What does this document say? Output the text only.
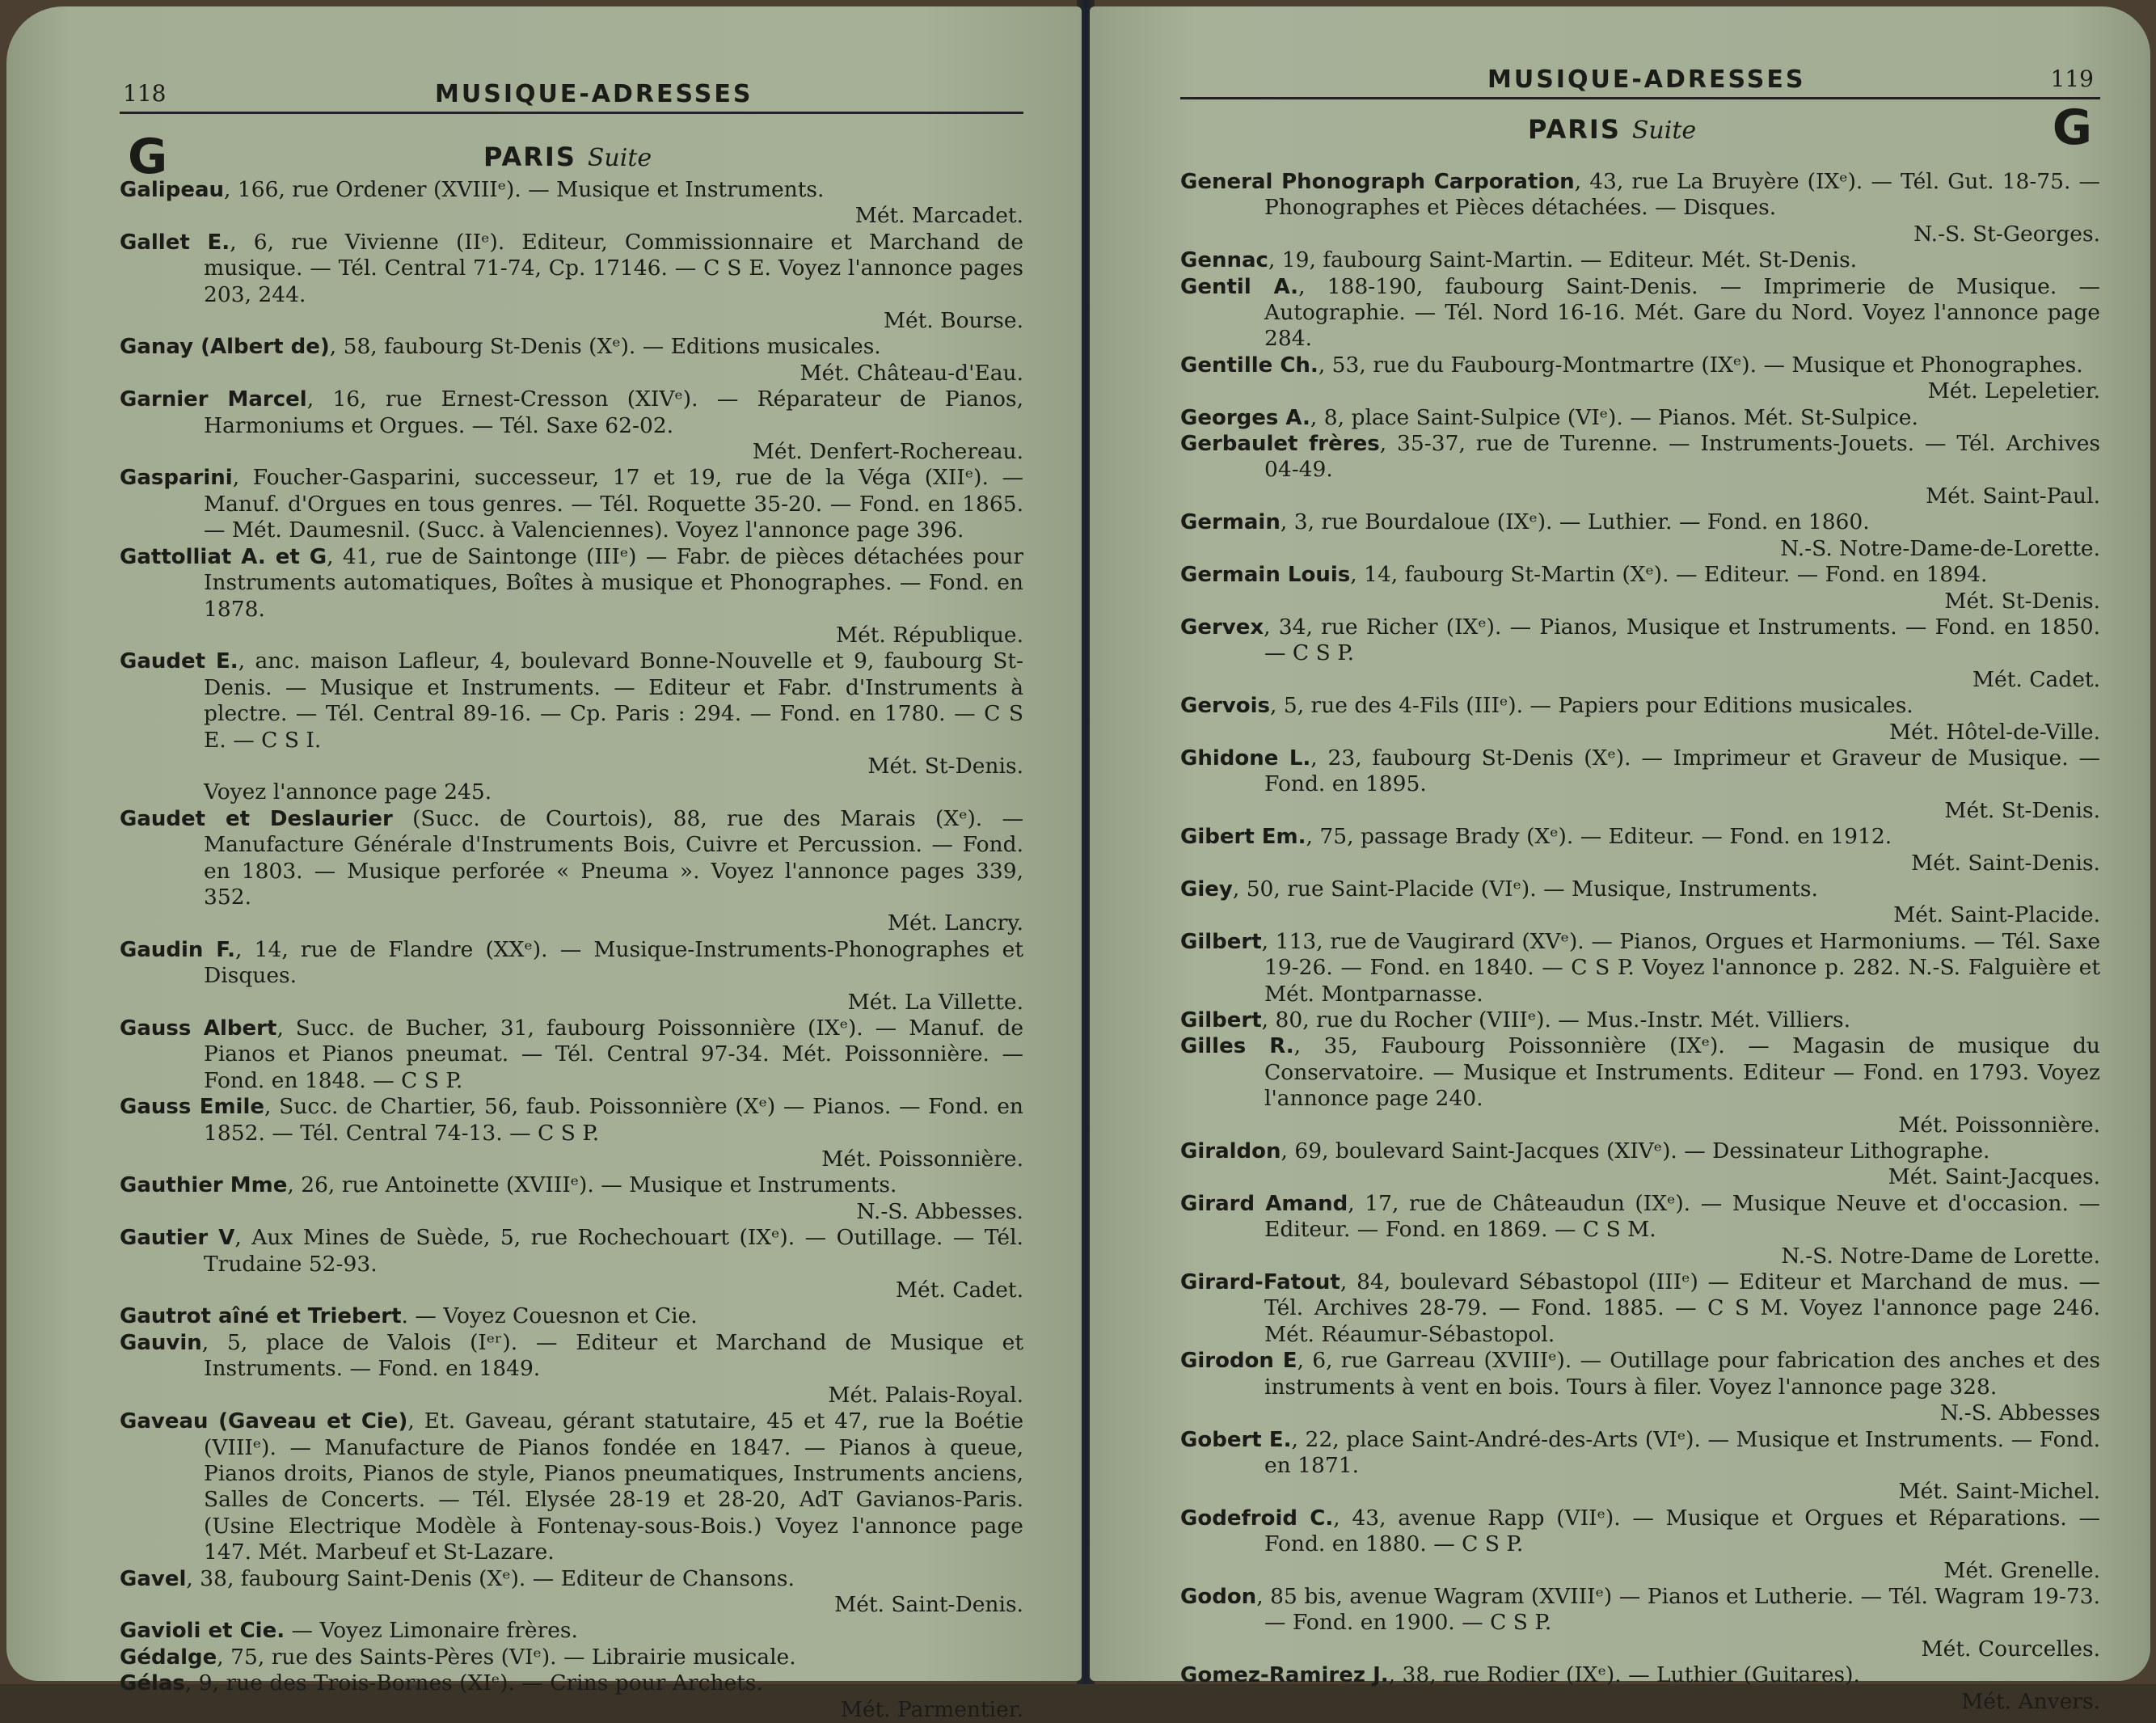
118	MUSIQUE-ADRESSES
G	PARIS Suite
Galipeau, 166, rue Ordener (XVIIIᵉ). — Musique et Instruments.
Mét. Marcadet.
Gallet E., 6, rue Vivienne (IIᵉ). Editeur, Commissionnaire et Marchand de musique. — Tél. Central 71-74, Cp. 17146. — C S E. Voyez l'annonce pages 203, 244.
Mét. Bourse.
Ganay (Albert de), 58, faubourg St-Denis (Xᵉ). — Editions musicales.
Mét. Château-d'Eau.
Garnier Marcel, 16, rue Ernest-Cresson (XIVᵉ). — Réparateur de Pianos, Harmoniums et Orgues. — Tél. Saxe 62-02.
Mét. Denfert-Rochereau.
Gasparini, Foucher-Gasparini, successeur, 17 et 19, rue de la Véga (XIIᵉ). — Manuf. d'Orgues en tous genres. — Tél. Roquette 35-20. — Fond. en 1865. — Mét. Daumesnil. (Succ. à Valenciennes). Voyez l'annonce page 396.
Gattolliat A. et G, 41, rue de Saintonge (IIIᵉ) — Fabr. de pièces détachées pour Instruments automatiques, Boîtes à musique et Phonographes. — Fond. en 1878.
Mét. République.
Gaudet E., anc. maison Lafleur, 4, boulevard Bonne-Nouvelle et 9, faubourg St-Denis. — Musique et Instruments. — Editeur et Fabr. d'Instruments à plectre. — Tél. Central 89-16. — Cp. Paris : 294. — Fond. en 1780. — C S E. — C S I.
Mét. St-Denis.
Voyez l'annonce page 245.
Gaudet et Deslaurier (Succ. de Courtois), 88, rue des Marais (Xᵉ). — Manufacture Générale d'Instruments Bois, Cuivre et Percussion. — Fond. en 1803. — Musique perforée « Pneuma ». Voyez l'annonce pages 339, 352.
Mét. Lancry.
Gaudin F., 14, rue de Flandre (XXᵉ). — Musique-Instruments-Phonographes et Disques.
Mét. La Villette.
Gauss Albert, Succ. de Bucher, 31, faubourg Poissonnière (IXᵉ). — Manuf. de Pianos et Pianos pneumat. — Tél. Central 97-34. Mét. Poissonnière. — Fond. en 1848. — C S P.
Gauss Emile, Succ. de Chartier, 56, faub. Poissonnière (Xᵉ) — Pianos. — Fond. en 1852. — Tél. Central 74-13. — C S P.
Mét. Poissonnière.
Gauthier Mme, 26, rue Antoinette (XVIIIᵉ). — Musique et Instruments.
N.-S. Abbesses.
Gautier V, Aux Mines de Suède, 5, rue Rochechouart (IXᵉ). — Outillage. — Tél. Trudaine 52-93.
Mét. Cadet.
Gautrot aîné et Triebert. — Voyez Couesnon et Cie.
Gauvin, 5, place de Valois (Iᵉʳ). — Editeur et Marchand de Musique et Instruments. — Fond. en 1849.
Mét. Palais-Royal.
Gaveau (Gaveau et Cie), Et. Gaveau, gérant statutaire, 45 et 47, rue la Boétie (VIIIᵉ). — Manufacture de Pianos fondée en 1847. — Pianos à queue, Pianos droits, Pianos de style, Pianos pneumatiques, Instruments anciens, Salles de Concerts. — Tél. Elysée 28-19 et 28-20, AdT Gavianos-Paris. (Usine Electrique Modèle à Fontenay-sous-Bois.) Voyez l'annonce page 147. Mét. Marbeuf et St-Lazare.
Gavel, 38, faubourg Saint-Denis (Xᵉ). — Editeur de Chansons.
Mét. Saint-Denis.
Gavioli et Cie. — Voyez Limonaire frères.
Gédalge, 75, rue des Saints-Pères (VIᵉ). — Librairie musicale.
Gélas, 9, rue des Trois-Bornes (XIᵉ). — Crins pour Archets.
Mét. Parmentier.
MUSIQUE-ADRESSES	119
PARIS Suite	G
General Phonograph Carporation, 43, rue La Bruyère (IXᵉ). — Tél. Gut. 18-75. — Phonographes et Pièces détachées. — Disques.
N.-S. St-Georges.
Gennac, 19, faubourg Saint-Martin. — Editeur. Mét. St-Denis.
Gentil A., 188-190, faubourg Saint-Denis. — Imprimerie de Musique. — Autographie. — Tél. Nord 16-16. Mét. Gare du Nord. Voyez l'annonce page 284.
Gentille Ch., 53, rue du Faubourg-Montmartre (IXᵉ). — Musique et Phonographes.
Mét. Lepeletier.
Georges A., 8, place Saint-Sulpice (VIᵉ). — Pianos. Mét. St-Sulpice.
Gerbaulet frères, 35-37, rue de Turenne. — Instruments-Jouets. — Tél. Archives 04-49.
Mét. Saint-Paul.
Germain, 3, rue Bourdaloue (IXᵉ). — Luthier. — Fond. en 1860.
N.-S. Notre-Dame-de-Lorette.
Germain Louis, 14, faubourg St-Martin (Xᵉ). — Editeur. — Fond. en 1894.
Mét. St-Denis.
Gervex, 34, rue Richer (IXᵉ). — Pianos, Musique et Instruments. — Fond. en 1850. — C S P.
Mét. Cadet.
Gervois, 5, rue des 4-Fils (IIIᵉ). — Papiers pour Editions musicales.
Mét. Hôtel-de-Ville.
Ghidone L., 23, faubourg St-Denis (Xᵉ). — Imprimeur et Graveur de Musique. — Fond. en 1895.
Mét. St-Denis.
Gibert Em., 75, passage Brady (Xᵉ). — Editeur. — Fond. en 1912.
Mét. Saint-Denis.
Giey, 50, rue Saint-Placide (VIᵉ). — Musique, Instruments.
Mét. Saint-Placide.
Gilbert, 113, rue de Vaugirard (XVᵉ). — Pianos, Orgues et Harmoniums. — Tél. Saxe 19-26. — Fond. en 1840. — C S P. Voyez l'annonce p. 282. N.-S. Falguière et Mét. Montparnasse.
Gilbert, 80, rue du Rocher (VIIIᵉ). — Mus.-Instr. Mét. Villiers.
Gilles R., 35, Faubourg Poissonnière (IXᵉ). — Magasin de musique du Conservatoire. — Musique et Instruments. Editeur — Fond. en 1793. Voyez l'annonce page 240.
Mét. Poissonnière.
Giraldon, 69, boulevard Saint-Jacques (XIVᵉ). — Dessinateur Lithographe.
Mét. Saint-Jacques.
Girard Amand, 17, rue de Châteaudun (IXᵉ). — Musique Neuve et d'occasion. — Editeur. — Fond. en 1869. — C S M.
N.-S. Notre-Dame de Lorette.
Girard-Fatout, 84, boulevard Sébastopol (IIIᵉ) — Editeur et Marchand de mus. — Tél. Archives 28-79. — Fond. 1885. — C S M. Voyez l'annonce page 246. Mét. Réaumur-Sébastopol.
Girodon E, 6, rue Garreau (XVIIIᵉ). — Outillage pour fabrication des anches et des instruments à vent en bois. Tours à filer. Voyez l'annonce page 328.
N.-S. Abbesses
Gobert E., 22, place Saint-André-des-Arts (VIᵉ). — Musique et Instruments. — Fond. en 1871.
Mét. Saint-Michel.
Godefroid C., 43, avenue Rapp (VIIᵉ). — Musique et Orgues et Réparations. — Fond. en 1880. — C S P.
Mét. Grenelle.
Godon, 85 bis, avenue Wagram (XVIIIᵉ) — Pianos et Lutherie. — Tél. Wagram 19-73. — Fond. en 1900. — C S P.
Mét. Courcelles.
Gomez-Ramirez J., 38, rue Rodier (IXᵉ). — Luthier (Guitares).
Mét. Anvers.
